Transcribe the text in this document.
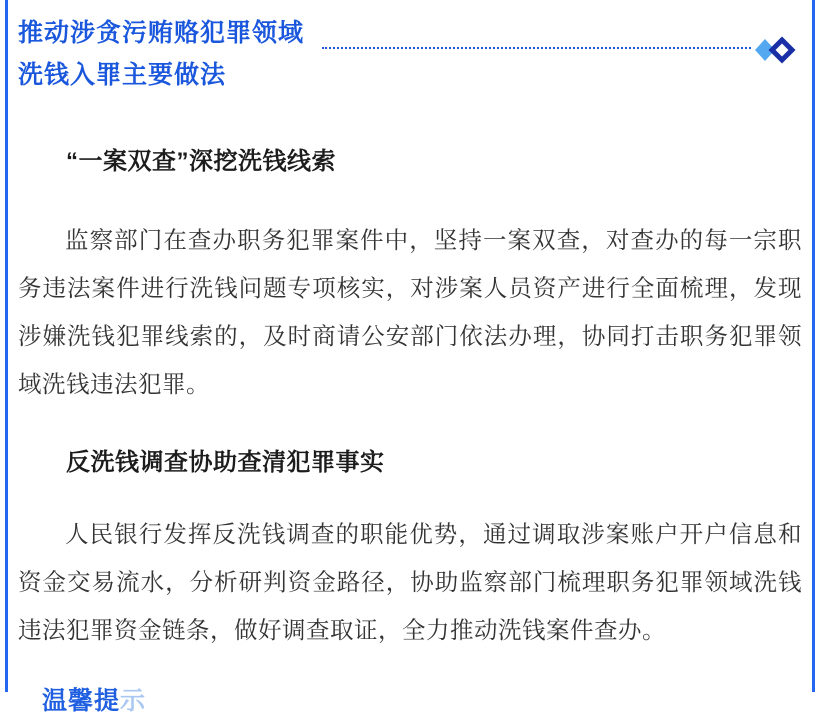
推动涉贪污贿赂犯罪领域
洗钱入罪主要做法
“一案双查”深挖洗钱线索

监察部门在查办职务犯罪案件中，坚持一案双查，对查办的每一宗职务违法案件进行洗钱问题专项核实，对涉案人员资产进行全面梳理，发现涉嫌洗钱犯罪线索的，及时商请公安部门依法办理，协同打击职务犯罪领域洗钱违法犯罪。

反洗钱调查协助查清犯罪事实

人民银行发挥反洗钱调查的职能优势，通过调取涉案账户开户信息和资金交易流水，分析研判资金路径，协助监察部门梳理职务犯罪领域洗钱违法犯罪资金链条，做好调查取证，全力推动洗钱案件查办。

温馨提示
